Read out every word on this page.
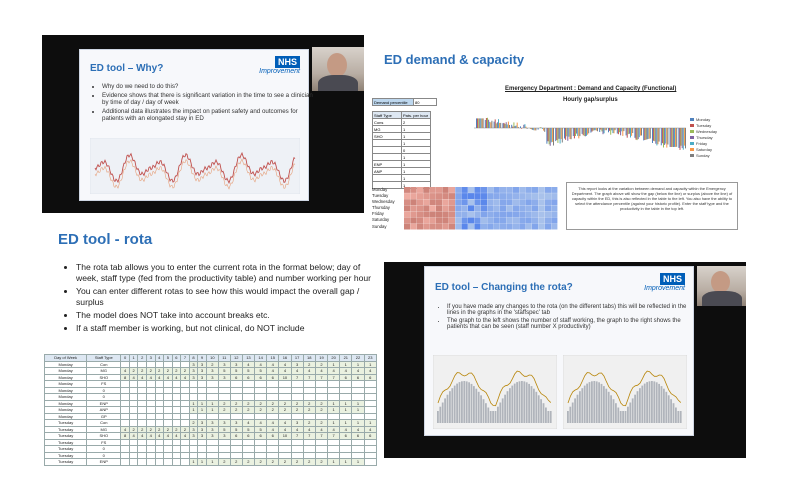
ED tool – Why?
NHS
Improvement
• Why do we need to do this?
• Evidence shows that there is significant variation in the time to see a clinician by time of day / day of week
• Additional data illustrates the impact on patient safety and outcomes for patients with an elongated stay in ED
ED demand & capacity
Emergency Department : Demand and Capacity (Functional)
Demand percentile	80
Staff Type	Pats. per hour
Cons	2
MG	1
SHO	1
	1
	0
	1
ENP	1
ANP	1
	1
	1
Hourly gap/surplus
Monday
Tuesday
Wednesday
Thursday
Friday
Saturday
Sunday
Monday
Tuesday
Wednesday
Thursday
Friday
Saturday
Sunday
This report looks at the variation between demand and capacity within the Emergency Department. The graph above will show the gap (below the line) or surplus (above the line) of capacity within the ED, this is also reflected in the table to the left. You also have the ability to select the attendance percentile (against your historic profile). Enter the staff type and the productivity in the table in the top left.
ED tool - rota
• The rota tab allows you to enter the current rota in the format below; day of week, staff type (fed from the productivity table) and number working per hour
• You can enter different rotas to see how this would impact the overall gap / surplus
• The model does NOT take into account breaks etc.
• If a staff member is working, but not clinical, do NOT include
Day of Week	Staff Type	0	1	2	3	4	5	6	7	8	9	10	11	12	13	14	15	16	17	18	19	20	21	22	23
Monday	Con									3	3	2	3	3	4	4	4	4	3	2	2	1	1	1	1
Monday	MG	4	2	2	2	2	2	2	2	3	3	3	5	5	5	5	4	4	4	4	4	4	4	4	4
Monday	SHO	8	4	4	4	4	4	4	4	3	3	3	3	6	6	6	6	10	7	7	7	7	6	6	6
Monday	FS																								
Monday	0																								
Monday	0																								
Monday	ENP									1	1	1	2	2	2	2	2	2	2	2	2	1	1	1	
Monday	ANP									1	1	1	2	2	2	2	2	2	2	2	2	1	1	1	
Monday	GP																								
Tuesday	Con									2	3	3	3	3	4	4	4	4	3	2	2	1	1	1	1
Tuesday	MG	4	2	2	2	2	2	2	2	3	3	3	5	5	5	5	4	4	4	4	4	4	4	4	4
Tuesday	SHO	8	4	4	4	4	4	4	4	3	3	3	3	6	6	6	6	10	7	7	7	7	6	6	6
Tuesday	FS																								
Tuesday	0																								
Tuesday	0																								
Tuesday	ENP									1	1	1	2	2	2	2	2	2	2	2	2	1	1	1	
ED tool – Changing the rota?
NHS
Improvement
• If you have made any changes to the rota (on the different tabs) this will be reflected in the lines in the graphs in the 'staffspec' tab
• The graph to the left shows the number of staff working, the graph to the right shows the patients that can be seen (staff number X productivity)
